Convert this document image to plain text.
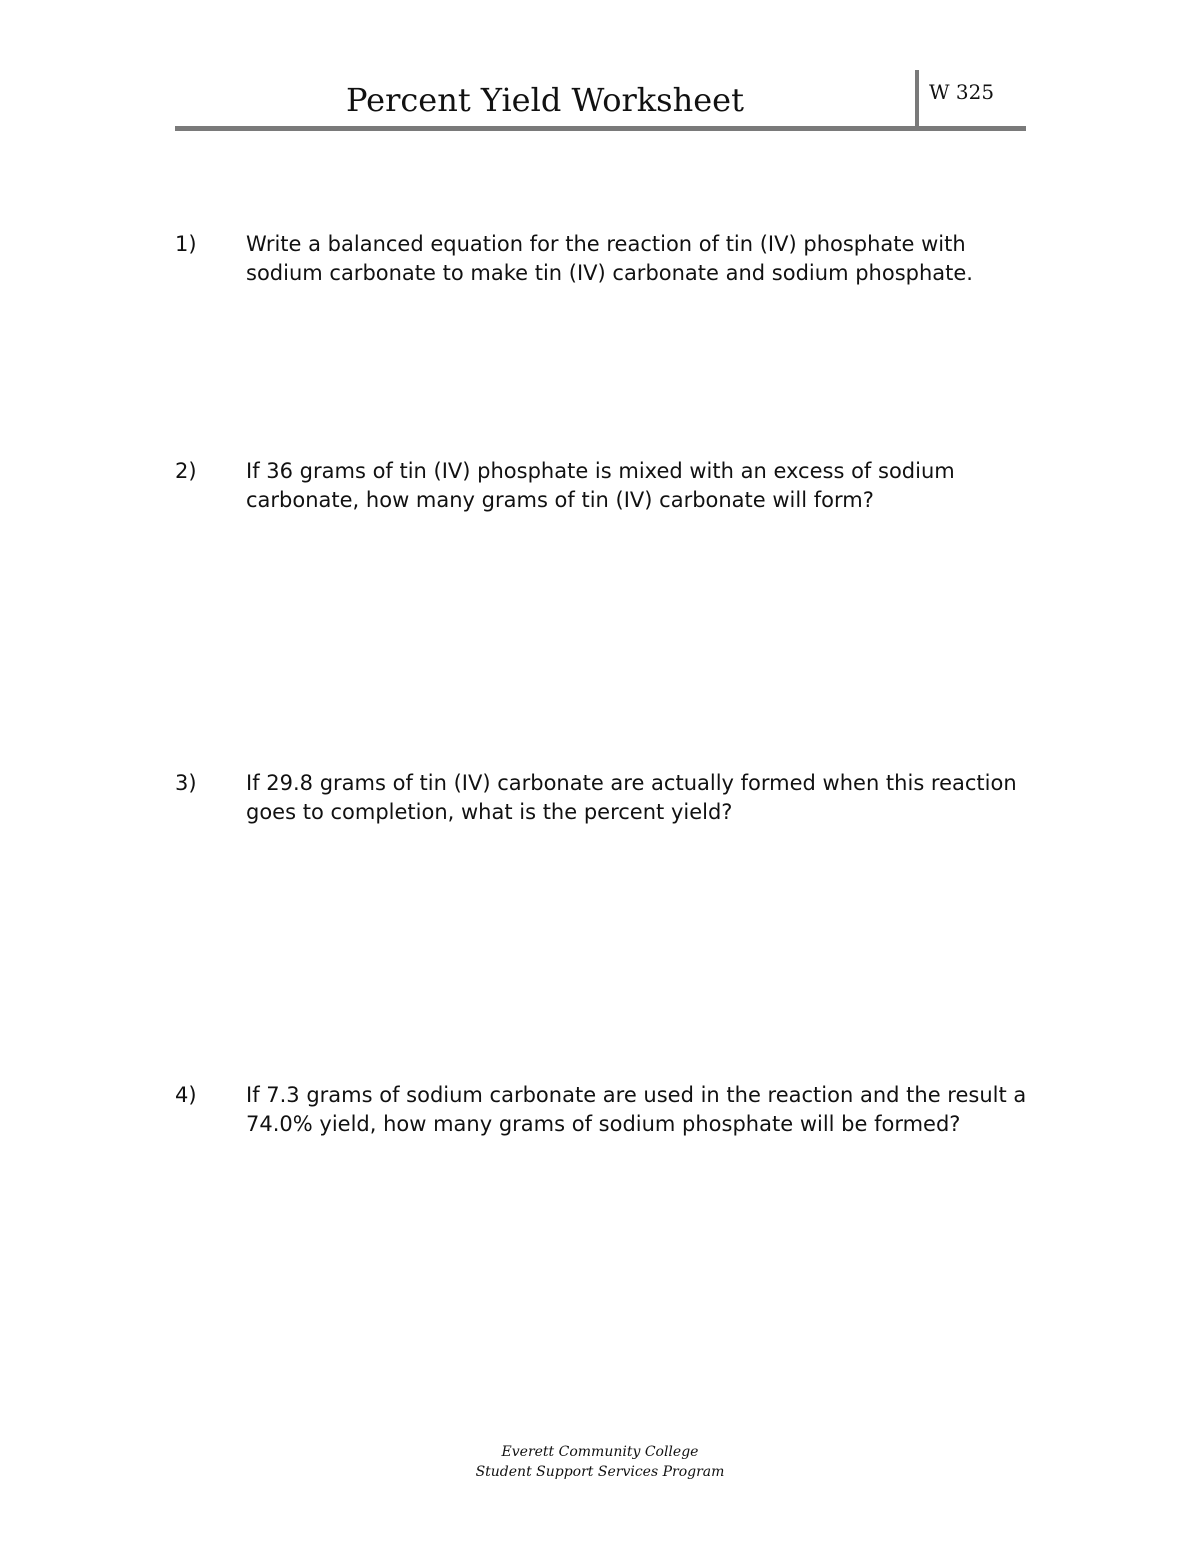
Percent Yield Worksheet	W 325
1)	Write a balanced equation for the reaction of tin (IV) phosphate with sodium carbonate to make tin (IV) carbonate and sodium phosphate.
2)	If 36 grams of tin (IV) phosphate is mixed with an excess of sodium carbonate, how many grams of tin (IV) carbonate will form?
3)	If 29.8 grams of tin (IV) carbonate are actually formed when this reaction goes to completion, what is the percent yield?
4)	If 7.3 grams of sodium carbonate are used in the reaction and the result a 74.0% yield, how many grams of sodium phosphate will be formed?
Everett Community College
Student Support Services Program
